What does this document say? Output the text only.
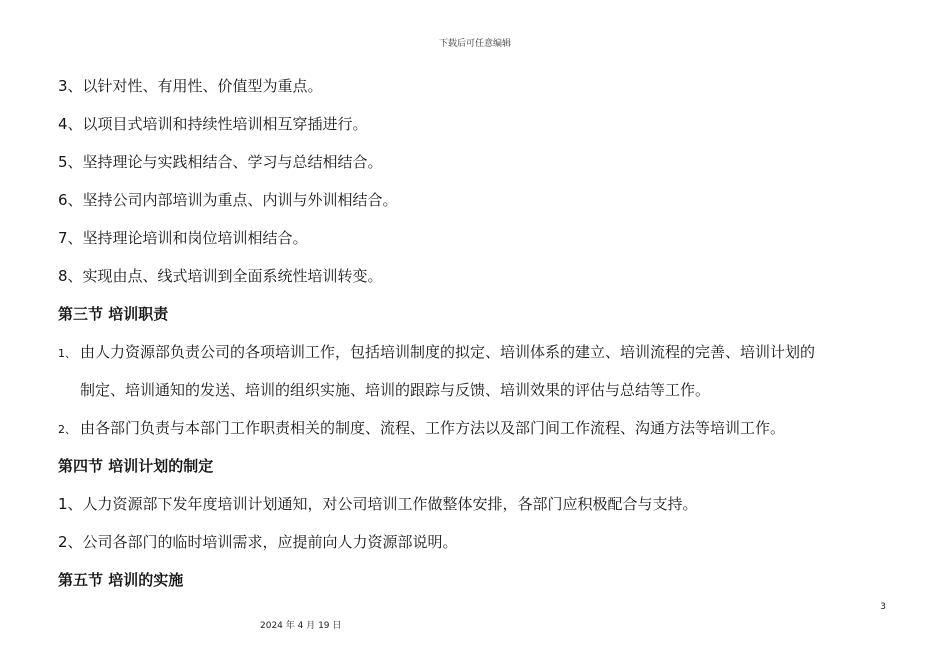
下载后可任意编辑
3、以针对性、有用性、价值型为重点。
4、以项目式培训和持续性培训相互穿插进行。
5、坚持理论与实践相结合、学习与总结相结合。
6、坚持公司内部培训为重点、内训与外训相结合。
7、坚持理论培训和岗位培训相结合。
8、实现由点、线式培训到全面系统性培训转变。
第三节 培训职责
1、 由人力资源部负责公司的各项培训工作，包括培训制度的拟定、培训体系的建立、培训流程的完善、培训计划的
制定、培训通知的发送、培训的组织实施、培训的跟踪与反馈、培训效果的评估与总结等工作。
2、 由各部门负责与本部门工作职责相关的制度、流程、工作方法以及部门间工作流程、沟通方法等培训工作。
第四节 培训计划的制定
1、人力资源部下发年度培训计划通知，对公司培训工作做整体安排，各部门应积极配合与支持。
2、公司各部门的临时培训需求，应提前向人力资源部说明。
第五节 培训的实施
3
2024 年 4 月 19 日
